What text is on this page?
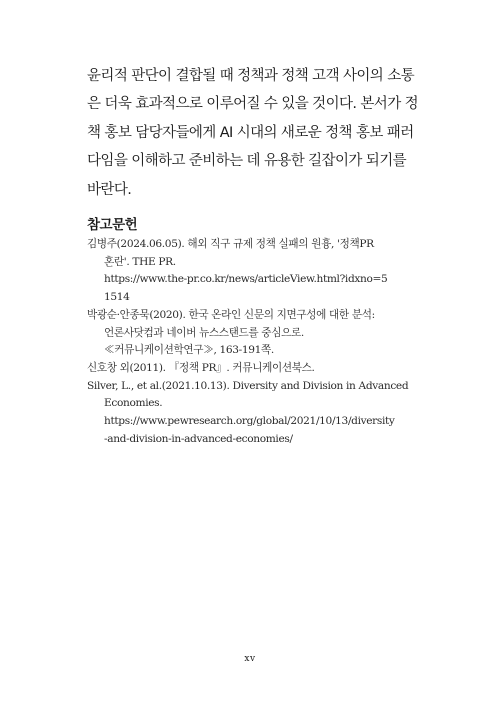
윤리적 판단이 결합될 때 정책과 정책 고객 사이의 소통
은 더욱 효과적으로 이루어질 수 있을 것이다. 본서가 정
책 홍보 담당자들에게 AI 시대의 새로운 정책 홍보 패러
다임을 이해하고 준비하는 데 유용한 길잡이가 되기를
바란다.
참고문헌
김병주(2024.06.05). 해외 직구 규제 정책 실패의 원흉, '정책PR
혼란'. THE PR.
https://www.the-pr.co.kr/news/articleView.html?idxno=5
1514
박광순·안종묵(2020). 한국 온라인 신문의 지면구성에 대한 분석:
언론사닷컴과 네이버 뉴스스탠드를 중심으로.
≪커뮤니케이션학연구≫, 163-191쪽.
신호창 외(2011). 『정책 PR』. 커뮤니케이션북스.
Silver, L., et al.(2021.10.13). Diversity and Division in Advanced
Economies.
https://www.pewresearch.org/global/2021/10/13/diversity
-and-division-in-advanced-economies/
xv
